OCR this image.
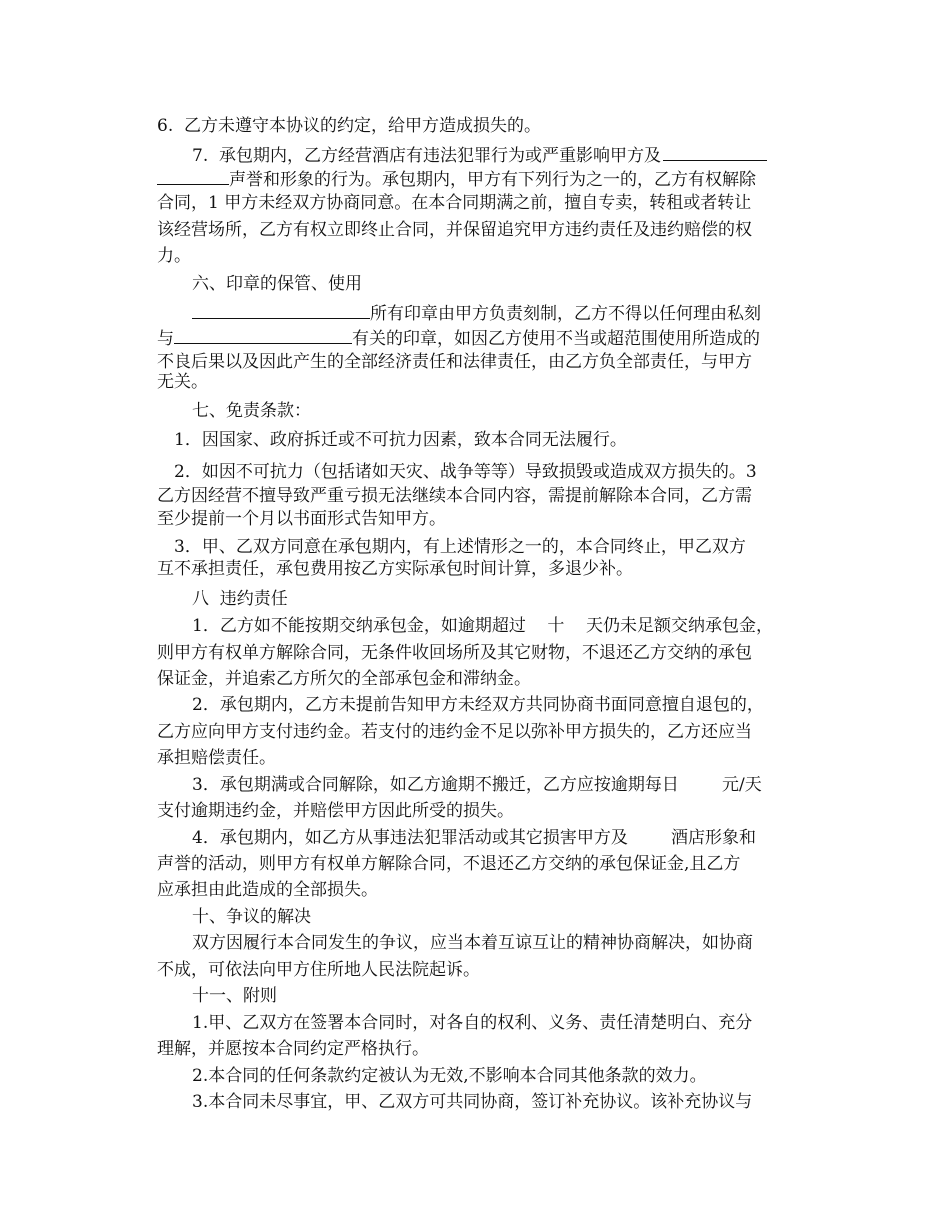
6.  乙方未遵守本协议的约定，给甲方造成损失的。
7.  承包期内，乙方经营酒店有违法犯罪行为或严重影响甲方及
声誉和形象的行为。承包期内，甲方有下列行为之一的，乙方有权解除
合同，1 甲方未经双方协商同意。在本合同期满之前，擅自专卖，转租或者转让
该经营场所，乙方有权立即终止合同，并保留追究甲方违约责任及违约赔偿的权
力。
六、印章的保管、使用
所有印章由甲方负责刻制，乙方不得以任何理由私刻
与	有关的印章，如因乙方使用不当或超范围使用所造成的
不良后果以及因此产生的全部经济责任和法律责任，由乙方负全部责任，与甲方
无关。
七、免责条款：
1．因国家、政府拆迁或不可抗力因素，致本合同无法履行。
2．如因不可抗力（包括诸如天灾、战争等等）导致损毁或造成双方损失的。3
乙方因经营不擅导致严重亏损无法继续本合同内容，需提前解除本合同，乙方需
至少提前一个月以书面形式告知甲方。
3．甲、乙双方同意在承包期内，有上述情形之一的，本合同终止，甲乙双方
互不承担责任，承包费用按乙方实际承包时间计算，多退少补。
八  违约责任
1．乙方如不能按期交纳承包金，如逾期超过    十    天仍未足额交纳承包金，
则甲方有权单方解除合同，无条件收回场所及其它财物，不退还乙方交纳的承包
保证金，并追索乙方所欠的全部承包金和滞纳金。
2．承包期内，乙方未提前告知甲方未经双方共同协商书面同意擅自退包的，
乙方应向甲方支付违约金。若支付的违约金不足以弥补甲方损失的，乙方还应当
承担赔偿责任。
3．承包期满或合同解除，如乙方逾期不搬迁，乙方应按逾期每日        元/天
支付逾期违约金，并赔偿甲方因此所受的损失。
4．承包期内，如乙方从事违法犯罪活动或其它损害甲方及        酒店形象和
声誉的活动，则甲方有权单方解除合同，不退还乙方交纳的承包保证金,且乙方
应承担由此造成的全部损失。
十、争议的解决
双方因履行本合同发生的争议，应当本着互谅互让的精神协商解决，如协商
不成，可依法向甲方住所地人民法院起诉。
十一、附则
1.甲、乙双方在签署本合同时，对各自的权利、义务、责任清楚明白、充分
理解，并愿按本合同约定严格执行。
2.本合同的任何条款约定被认为无效,不影响本合同其他条款的效力。
3.本合同未尽事宜，甲、乙双方可共同协商，签订补充协议。该补充协议与
